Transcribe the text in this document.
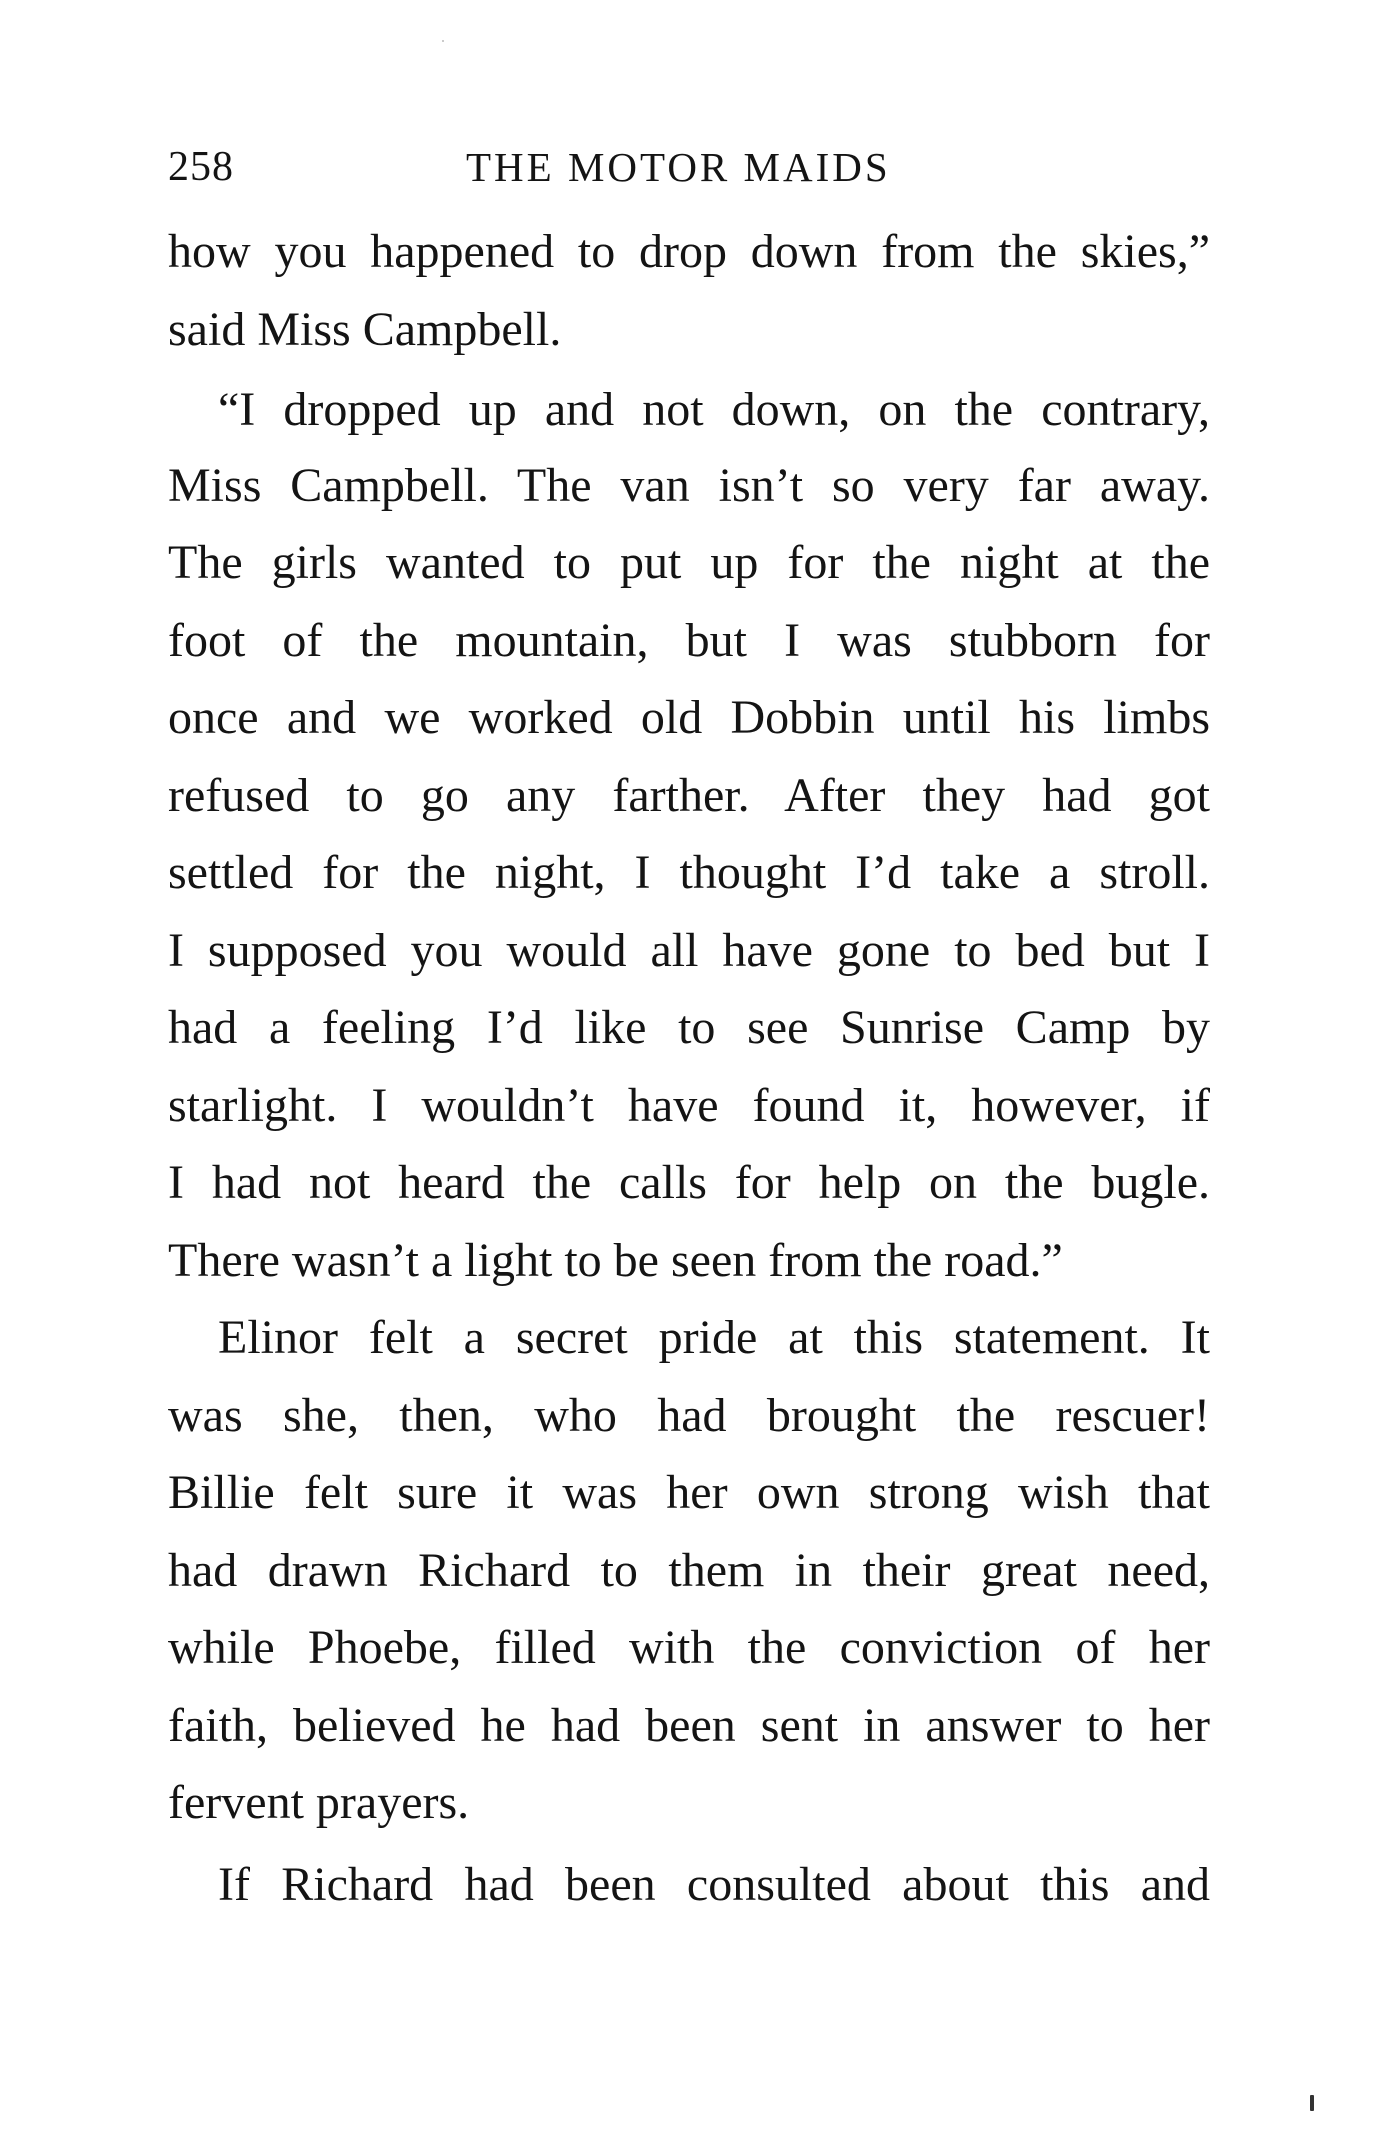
258	THE MOTOR MAIDS
how you happened to drop down from the skies,”
said Miss Campbell.
“I dropped up and not down, on the contrary,
Miss Campbell. The van isn’t so very far away.
The girls wanted to put up for the night at the
foot of the mountain, but I was stubborn for
once and we worked old Dobbin until his limbs
refused to go any farther. After they had got
settled for the night, I thought I’d take a stroll.
I supposed you would all have gone to bed but I
had a feeling I’d like to see Sunrise Camp by
starlight. I wouldn’t have found it, however, if
I had not heard the calls for help on the bugle.
There wasn’t a light to be seen from the road.”
Elinor felt a secret pride at this statement. It
was she, then, who had brought the rescuer!
Billie felt sure it was her own strong wish that
had drawn Richard to them in their great need,
while Phoebe, filled with the conviction of her
faith, believed he had been sent in answer to her
fervent prayers.
If Richard had been consulted about this and
